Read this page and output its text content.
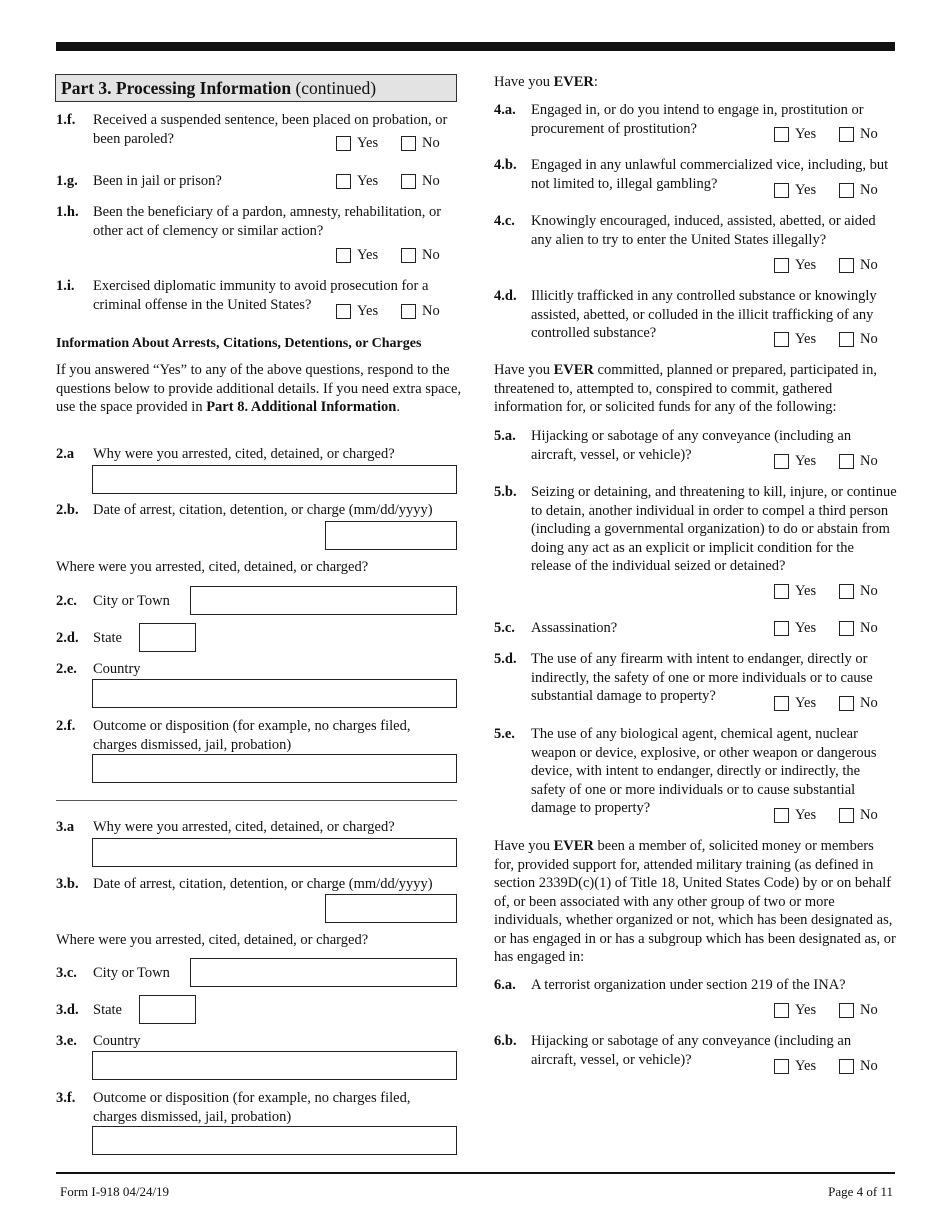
Part 3. Processing Information (continued)
1.f. Received a suspended sentence, been placed on probation, or been paroled?	Yes	No
1.g. Been in jail or prison?	Yes	No
1.h. Been the beneficiary of a pardon, amnesty, rehabilitation, or other act of clemency or similar action?
Yes	No
1.i. Exercised diplomatic immunity to avoid prosecution for a criminal offense in the United States?	Yes	No
Information About Arrests, Citations, Detentions, or Charges
If you answered “Yes” to any of the above questions, respond to the questions below to provide additional details. If you need extra space, use the space provided in Part 8. Additional Information.
2.a Why were you arrested, cited, detained, or charged?
2.b. Date of arrest, citation, detention, or charge (mm/dd/yyyy)
Where were you arrested, cited, detained, or charged?
2.c. City or Town
2.d. State
2.e. Country
2.f. Outcome or disposition (for example, no charges filed, charges dismissed, jail, probation)
3.a Why were you arrested, cited, detained, or charged?
3.b. Date of arrest, citation, detention, or charge (mm/dd/yyyy)
Where were you arrested, cited, detained, or charged?
3.c. City or Town
3.d. State
3.e. Country
3.f. Outcome or disposition (for example, no charges filed, charges dismissed, jail, probation)
Have you EVER:
4.a. Engaged in, or do you intend to engage in, prostitution or procurement of prostitution?	Yes	No
4.b. Engaged in any unlawful commercialized vice, including, but not limited to, illegal gambling?	Yes	No
4.c. Knowingly encouraged, induced, assisted, abetted, or aided any alien to try to enter the United States illegally?
Yes	No
4.d. Illicitly trafficked in any controlled substance or knowingly assisted, abetted, or colluded in the illicit trafficking of any controlled substance?	Yes	No
Have you EVER committed, planned or prepared, participated in, threatened to, attempted to, conspired to commit, gathered information for, or solicited funds for any of the following:
5.a. Hijacking or sabotage of any conveyance (including an aircraft, vessel, or vehicle)?	Yes	No
5.b. Seizing or detaining, and threatening to kill, injure, or continue to detain, another individual in order to compel a third person (including a governmental organization) to do or abstain from doing any act as an explicit or implicit condition for the release of the individual seized or detained?
Yes	No
5.c. Assassination?	Yes	No
5.d. The use of any firearm with intent to endanger, directly or indirectly, the safety of one or more individuals or to cause substantial damage to property?	Yes	No
5.e. The use of any biological agent, chemical agent, nuclear weapon or device, explosive, or other weapon or dangerous device, with intent to endanger, directly or indirectly, the safety of one or more individuals or to cause substantial damage to property?	Yes	No
Have you EVER been a member of, solicited money or members for, provided support for, attended military training (as defined in section 2339D(c)(1) of Title 18, United States Code) by or on behalf of, or been associated with any other group of two or more individuals, whether organized or not, which has been designated as, or has engaged in or has a subgroup which has been designated as, or has engaged in:
6.a. A terrorist organization under section 219 of the INA?
Yes	No
6.b. Hijacking or sabotage of any conveyance (including an aircraft, vessel, or vehicle)?	Yes	No
Form I-918 04/24/19	Page 4 of 11
